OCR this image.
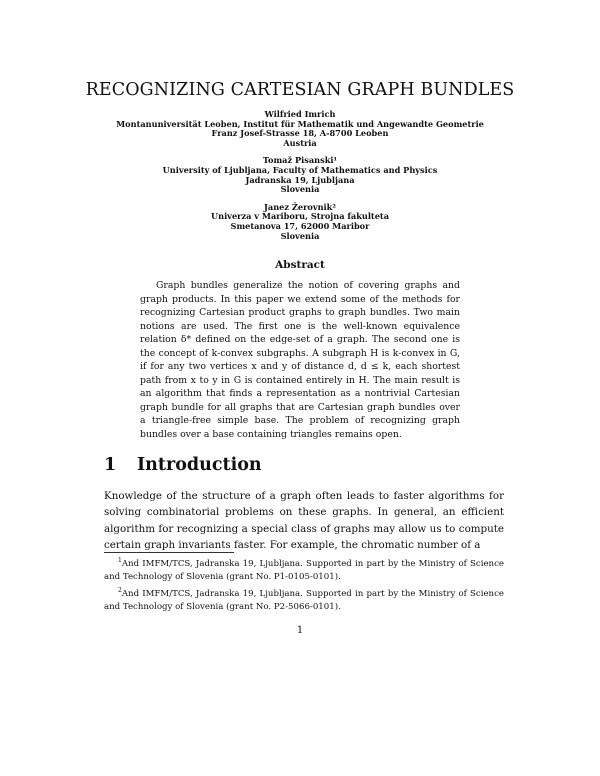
RECOGNIZING CARTESIAN GRAPH BUNDLES
Wilfried Imrich
Montanuniversität Leoben, Institut für Mathematik und Angewandte Geometrie
Franz Josef-Strasse 18, A-8700 Leoben
Austria
Tomaž Pisanski¹
University of Ljubljana, Faculty of Mathematics and Physics
Jadranska 19, Ljubljana
Slovenia
Janez Žerovnik²
Univerza v Mariboru, Strojna fakulteta
Smetanova 17, 62000 Maribor
Slovenia
Abstract

Graph bundles generalize the notion of covering graphs and graph products. In this paper we extend some of the methods for recognizing Cartesian product graphs to graph bundles. Two main notions are used. The first one is the well-known equivalence relation δ* defined on the edge-set of a graph. The second one is the concept of k-convex subgraphs. A subgraph H is k-convex in G, if for any two vertices x and y of distance d, d ≤ k, each shortest path from x to y in G is contained entirely in H. The main result is an algorithm that finds a representation as a nontrivial Cartesian graph bundle for all graphs that are Cartesian graph bundles over a triangle-free simple base. The problem of recognizing graph bundles over a base containing triangles remains open.

1 Introduction

Knowledge of the structure of a graph often leads to faster algorithms for solving combinatorial problems on these graphs. In general, an efficient algorithm for recognizing a special class of graphs may allow us to compute certain graph invariants faster. For example, the chromatic number of a

$^1$And IMFM/TCS, Jadranska 19, Ljubljana. Supported in part by the Ministry of Science and Technology of Slovenia (grant No. P1-0105-0101).

$^2$And IMFM/TCS, Jadranska 19, Ljubljana. Supported in part by the Ministry of Science and Technology of Slovenia (grant No. P2-5066-0101).

1
